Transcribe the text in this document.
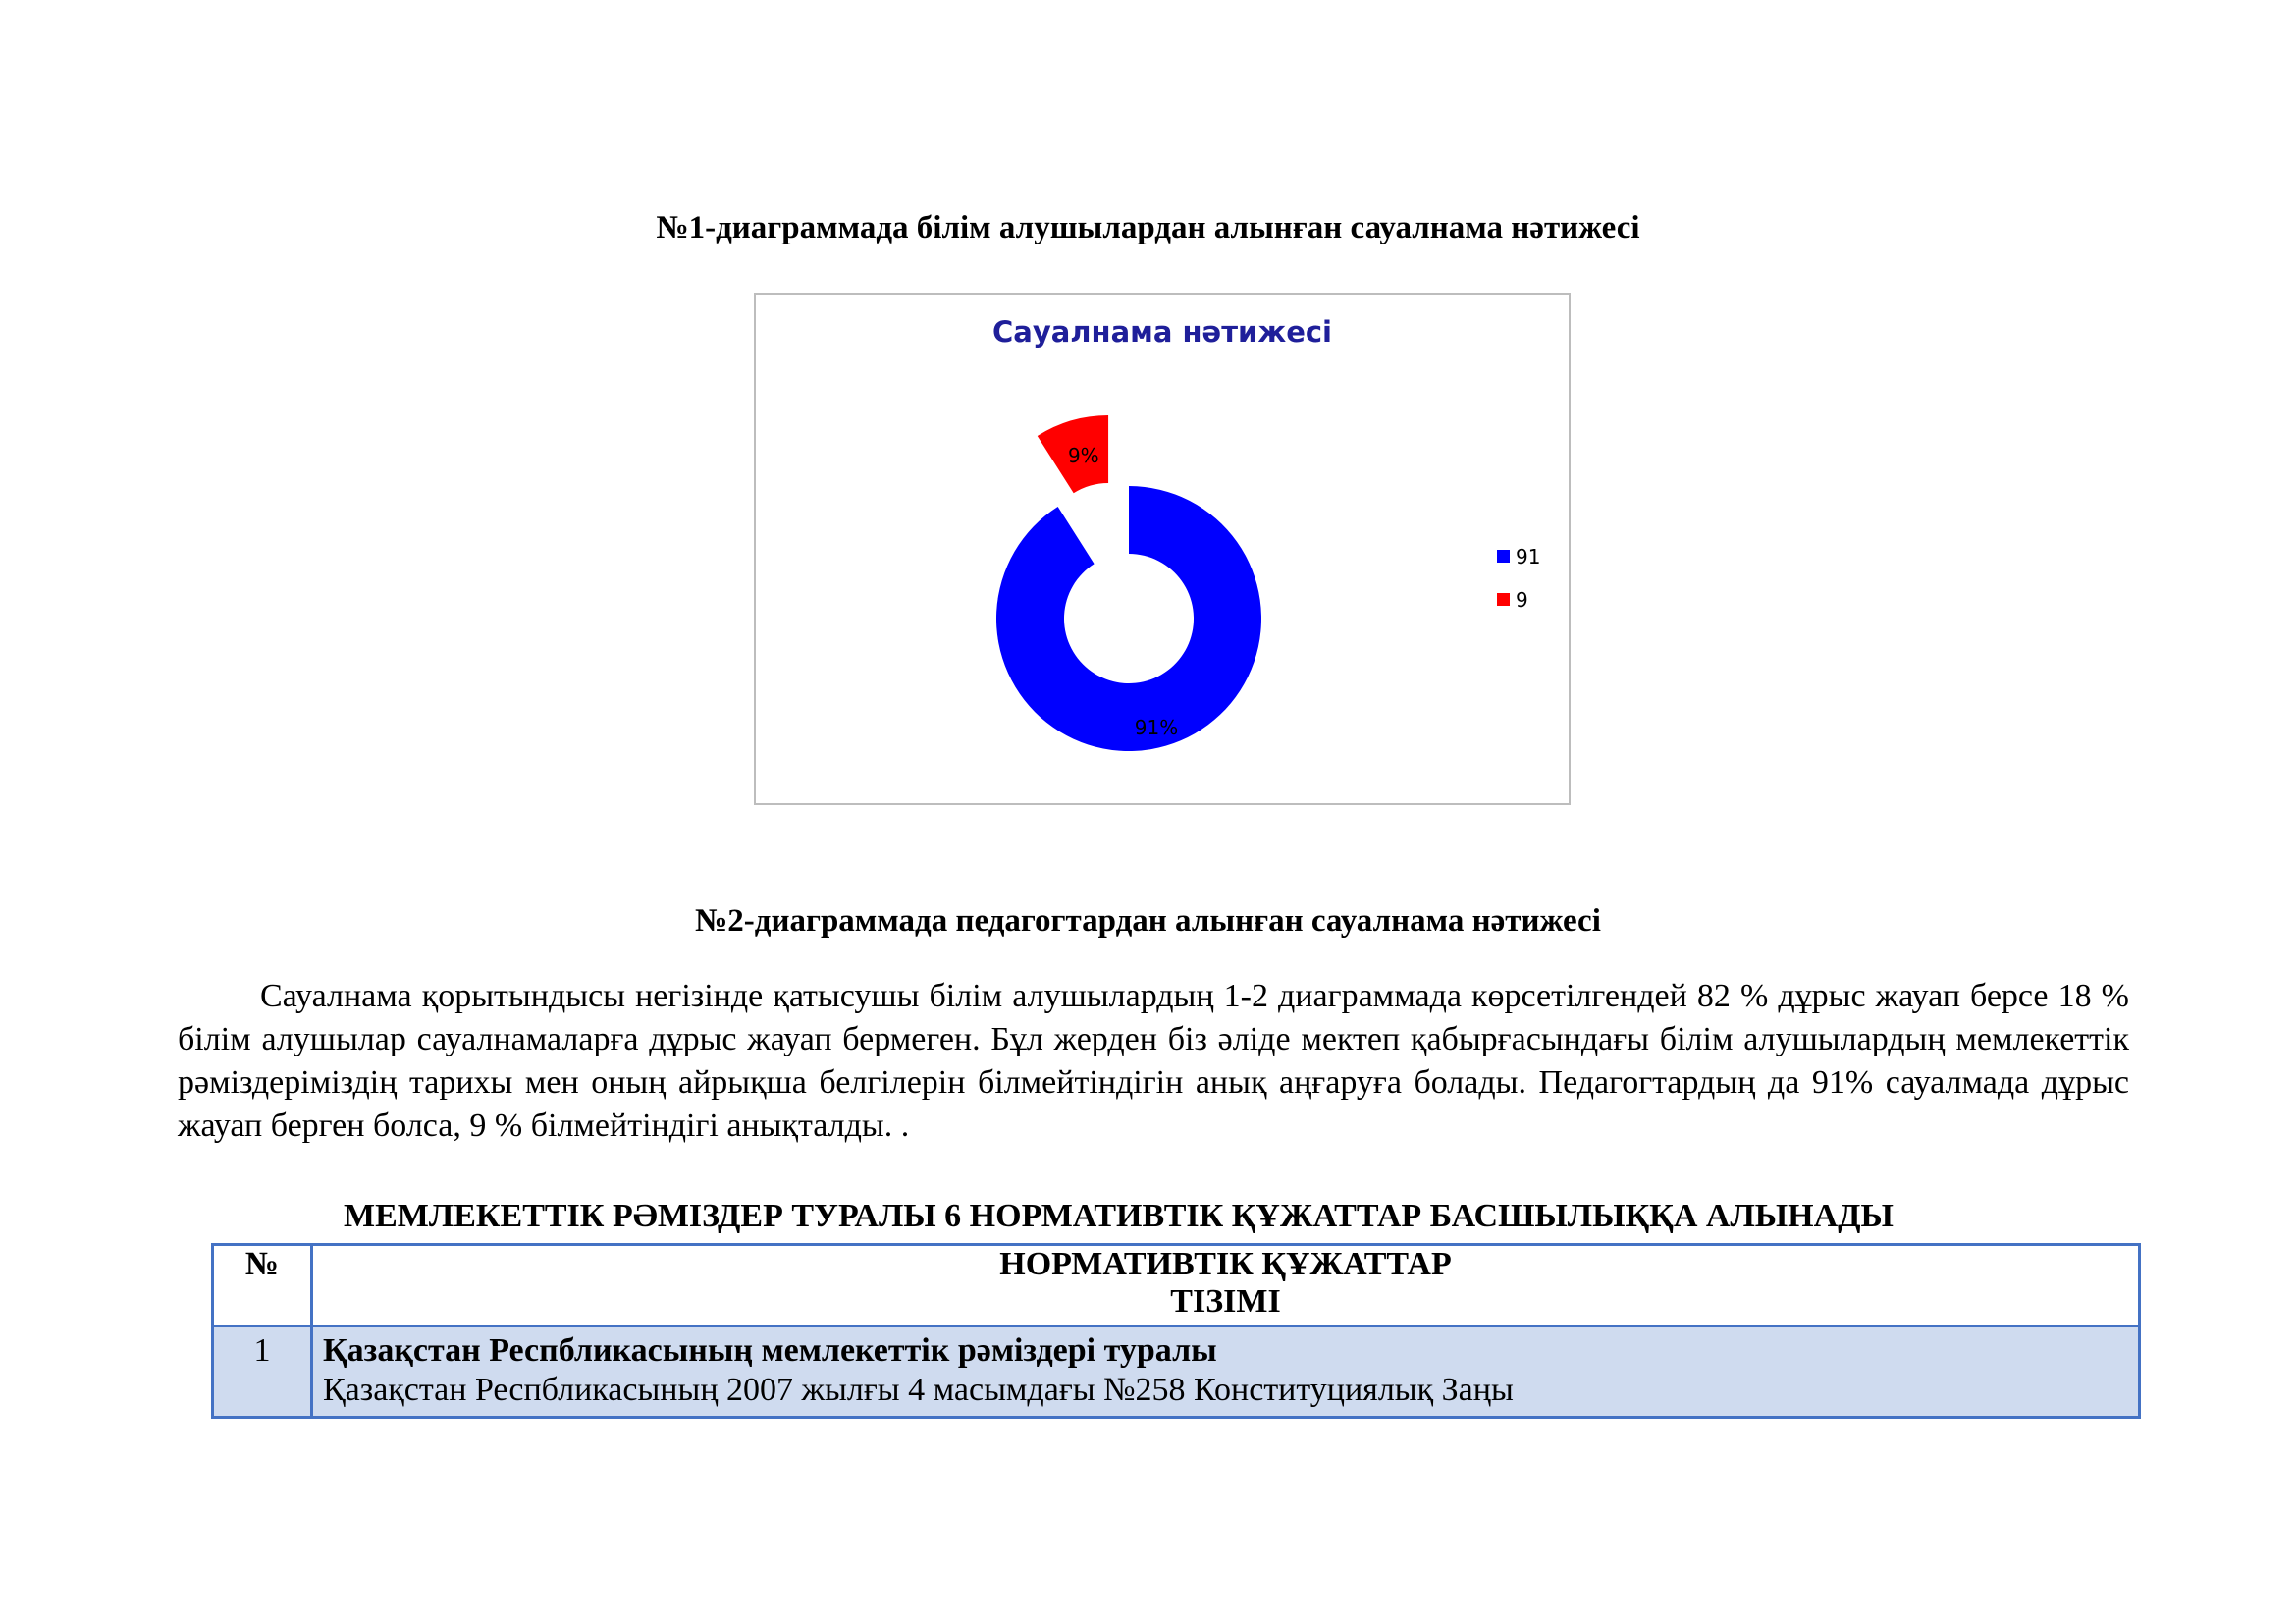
№1-диаграммада білім алушылардан алынған сауалнама нәтижесі
Сауалнама нәтижесі
91%
9%
91
9
№2-диаграммада педагогтардан алынған сауалнама нәтижесі
Сауалнама қорытындысы негізінде қатысушы білім алушылардың 1-2 диаграммада көрсетілгендей 82 % дұрыс жауап берсе 18 % білім алушылар сауалнамаларға дұрыс жауап бермеген. Бұл жерден біз әліде мектеп қабырғасындағы білім алушылардың мемлекеттік рәміздеріміздің тарихы мен оның айрықша белгілерін білмейтіндігін анық аңғаруға болады. Педагогтардың да 91% сауалмада дұрыс жауап берген болса, 9 % білмейтіндігі анықталды. .
МЕМЛЕКЕТТІК РӘМІЗДЕР ТУРАЛЫ 6 НОРМАТИВТІК ҚҰЖАТТАР БАСШЫЛЫҚҚА АЛЫНАДЫ
№	НОРМАТИВТІК ҚҰЖАТТАР
ТІЗІМІ
1	Қазақстан Респбликасының мемлекеттік рәміздері туралы
Қазақстан Респбликасының 2007 жылғы 4 масымдағы №258 Конституциялық Заңы
